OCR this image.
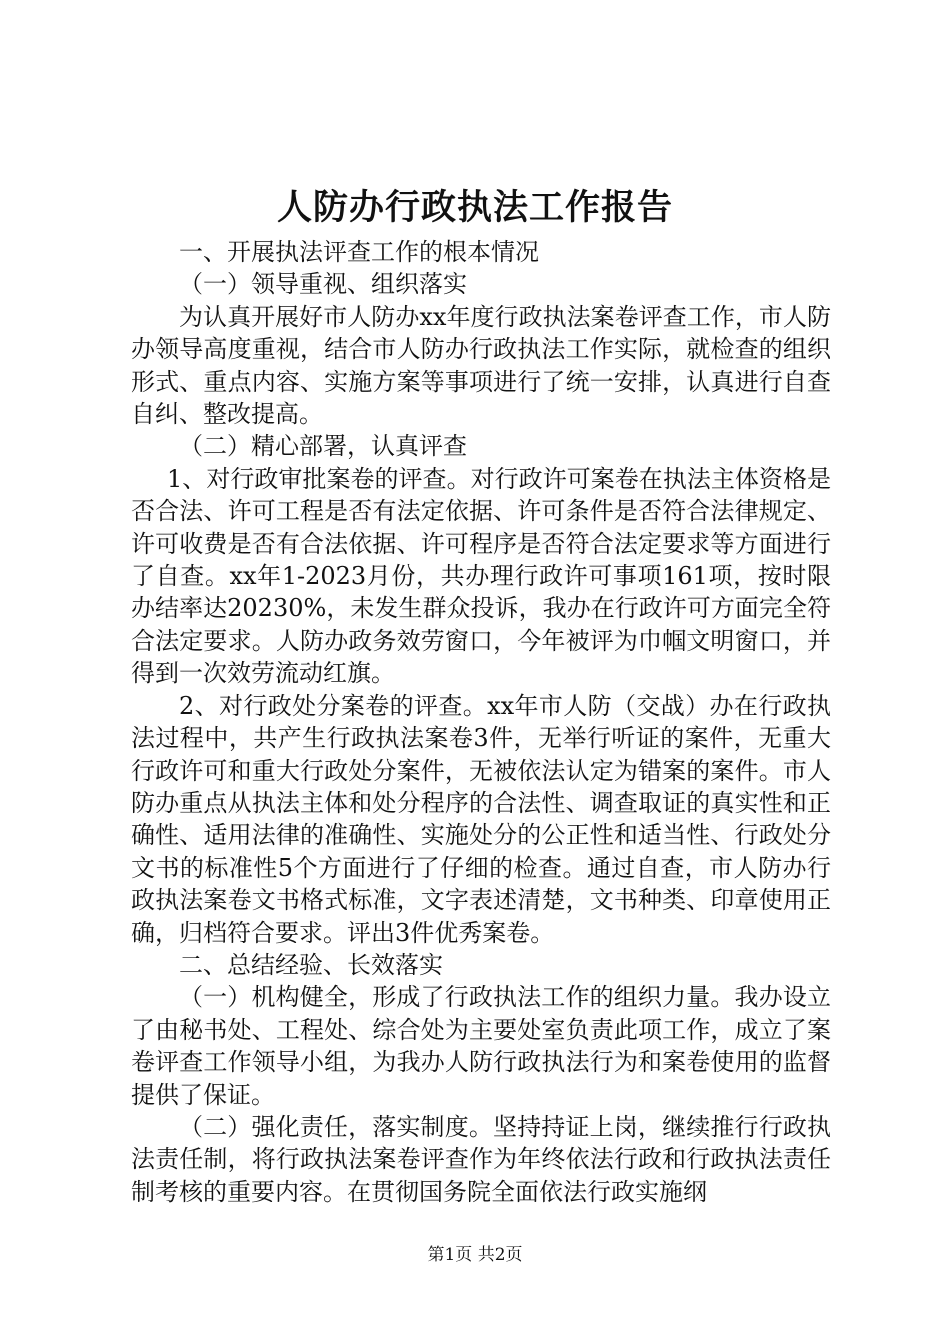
人防办行政执法工作报告

一、开展执法评查工作的根本情况

（一）领导重视、组织落实

为认真开展好市人防办xx年度行政执法案卷评查工作，市人防办领导高度重视，结合市人防办行政执法工作实际，就检查的组织形式、重点内容、实施方案等事项进行了统一安排，认真进行自查自纠、整改提高。

（二）精心部署，认真评查

1、对行政审批案卷的评查。对行政许可案卷在执法主体资格是否合法、许可工程是否有法定依据、许可条件是否符合法律规定、许可收费是否有合法依据、许可程序是否符合法定要求等方面进行了自查。xx年1-2023月份，共办理行政许可事项161项，按时限办结率达20230%，未发生群众投诉，我办在行政许可方面完全符合法定要求。人防办政务效劳窗口，今年被评为巾帼文明窗口，并得到一次效劳流动红旗。

2、对行政处分案卷的评查。xx年市人防（交战）办在行政执法过程中，共产生行政执法案卷3件，无举行听证的案件，无重大行政许可和重大行政处分案件，无被依法认定为错案的案件。市人防办重点从执法主体和处分程序的合法性、调查取证的真实性和正确性、适用法律的准确性、实施处分的公正性和适当性、行政处分文书的标准性5个方面进行了仔细的检查。通过自查，市人防办行政执法案卷文书格式标准，文字表述清楚，文书种类、印章使用正确，归档符合要求。评出3件优秀案卷。

二、总结经验、长效落实

（一）机构健全，形成了行政执法工作的组织力量。我办设立了由秘书处、工程处、综合处为主要处室负责此项工作，成立了案卷评查工作领导小组，为我办人防行政执法行为和案卷使用的监督提供了保证。

（二）强化责任，落实制度。坚持持证上岗，继续推行行政执法责任制，将行政执法案卷评查作为年终依法行政和行政执法责任制考核的重要内容。在贯彻国务院全面依法行政实施纲

第1页 共2页
